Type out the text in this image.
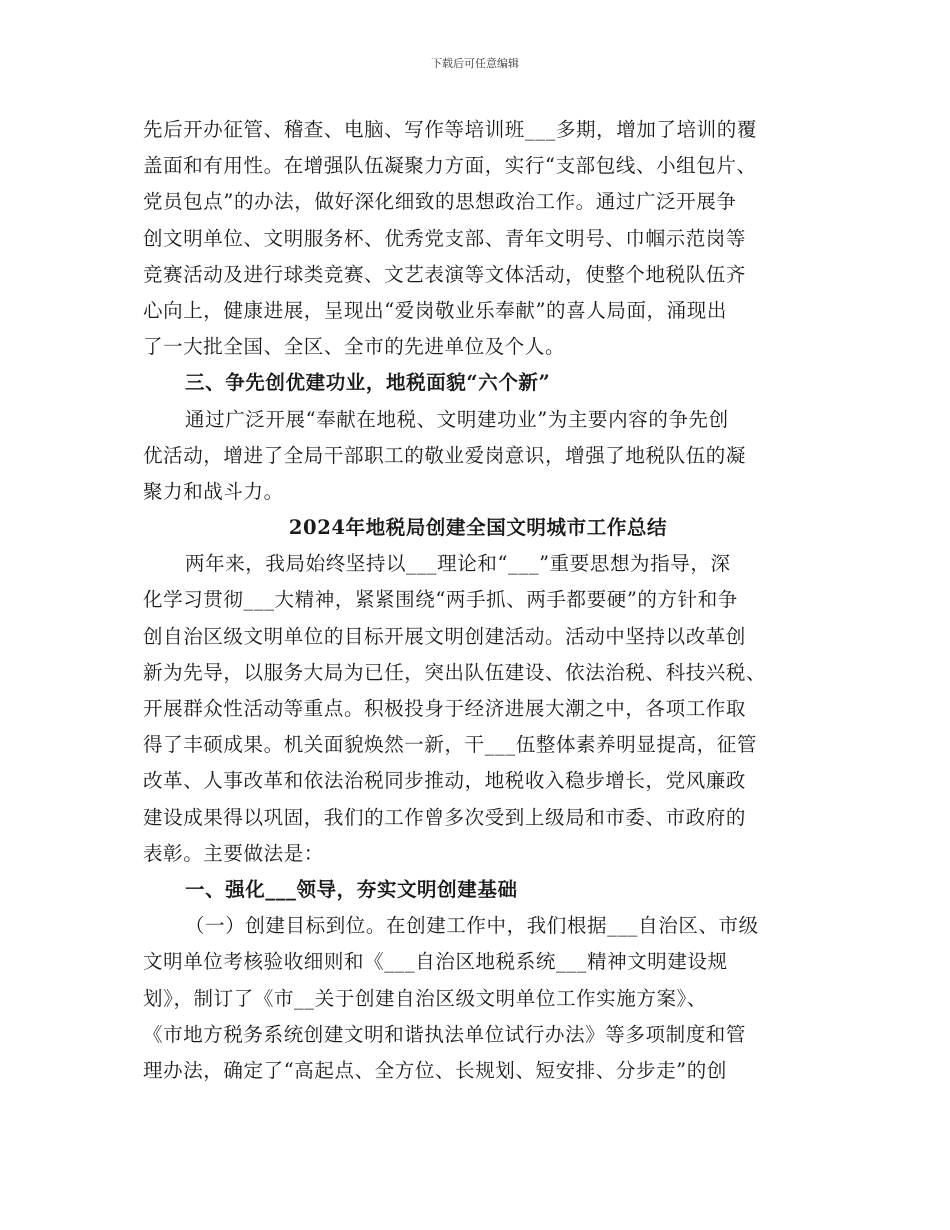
下载后可任意编辑
先后开办征管、稽查、电脑、写作等培训班___多期，增加了培训的覆
盖面和有用性。在增强队伍凝聚力方面，实行“支部包线、小组包片、
党员包点”的办法，做好深化细致的思想政治工作。通过广泛开展争
创文明单位、文明服务杯、优秀党支部、青年文明号、巾帼示范岗等
竞赛活动及进行球类竞赛、文艺表演等文体活动，使整个地税队伍齐
心向上，健康进展，呈现出“爱岗敬业乐奉献”的喜人局面，涌现出
了一大批全国、全区、全市的先进单位及个人。
三、争先创优建功业，地税面貌“六个新”
通过广泛开展“奉献在地税、文明建功业”为主要内容的争先创
优活动，增进了全局干部职工的敬业爱岗意识，增强了地税队伍的凝
聚力和战斗力。
2024年地税局创建全国文明城市工作总结
两年来，我局始终坚持以___理论和“___”重要思想为指导，深
化学习贯彻___大精神，紧紧围绕“两手抓、两手都要硬”的方针和争
创自治区级文明单位的目标开展文明创建活动。活动中坚持以改革创
新为先导，以服务大局为已任，突出队伍建设、依法治税、科技兴税、
开展群众性活动等重点。积极投身于经济进展大潮之中，各项工作取
得了丰硕成果。机关面貌焕然一新，干___伍整体素养明显提高，征管
改革、人事改革和依法治税同步推动，地税收入稳步增长，党风廉政
建设成果得以巩固，我们的工作曾多次受到上级局和市委、市政府的
表彰。主要做法是：
一、强化___领导，夯实文明创建基础
（一）创建目标到位。在创建工作中，我们根据___自治区、市级
文明单位考核验收细则和《___自治区地税系统___精神文明建设规
划》，制订了《市__关于创建自治区级文明单位工作实施方案》、
《市地方税务系统创建文明和谐执法单位试行办法》等多项制度和管
理办法，确定了“高起点、全方位、长规划、短安排、分步走”的创
